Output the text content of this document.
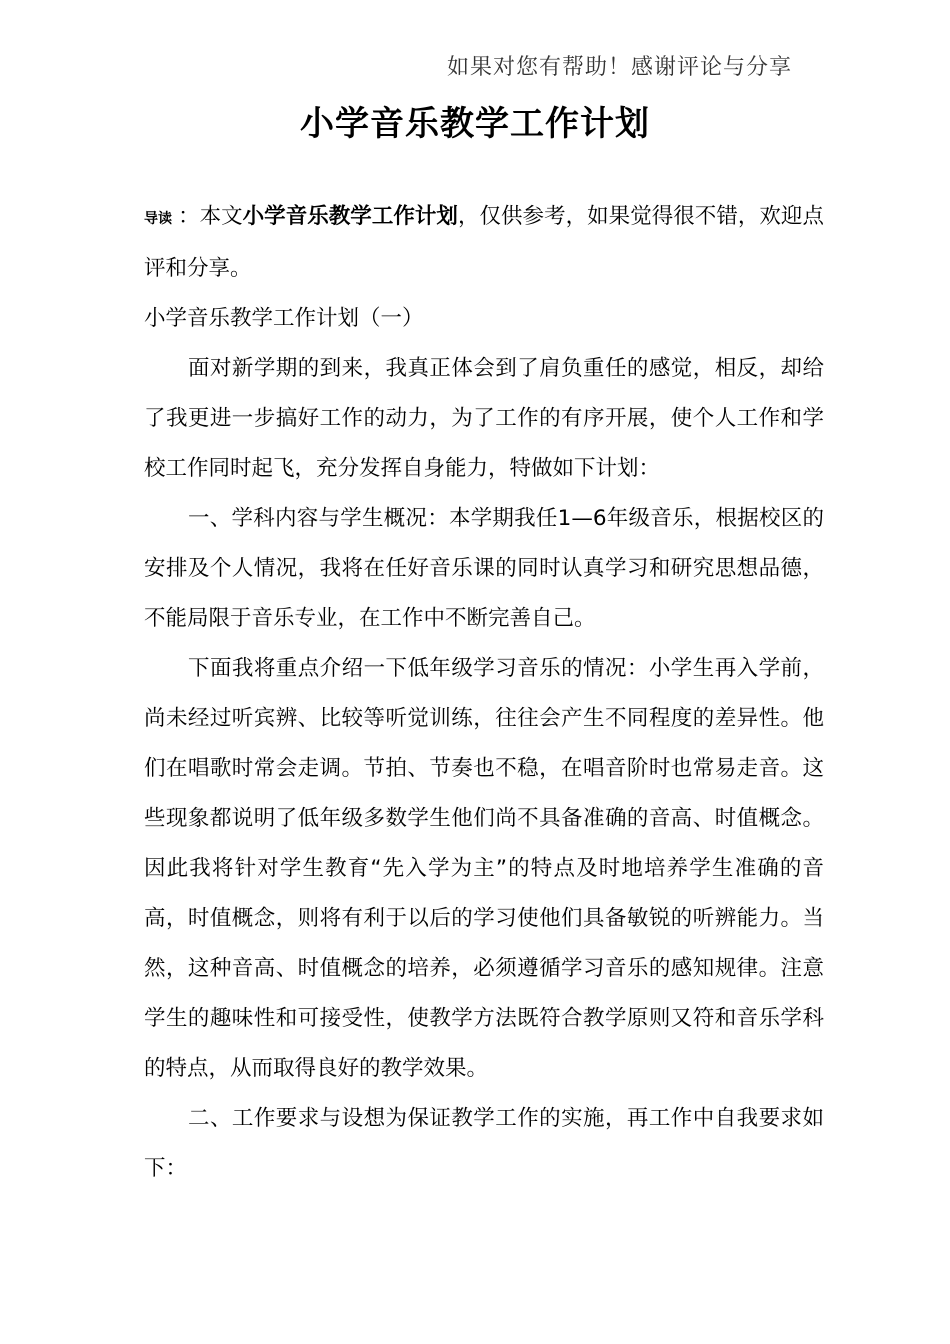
如果对您有帮助！感谢评论与分享
小学音乐教学工作计划

导读 ：本文小学音乐教学工作计划，仅供参考，如果觉得很不错，欢迎点评和分享。

小学音乐教学工作计划（一）

面对新学期的到来，我真正体会到了肩负重任的感觉，相反，却给了我更进一步搞好工作的动力，为了工作的有序开展，使个人工作和学校工作同时起飞，充分发挥自身能力，特做如下计划：

一、学科内容与学生概况：本学期我任1—6年级音乐，根据校区的安排及个人情况，我将在任好音乐课的同时认真学习和研究思想品德，不能局限于音乐专业，在工作中不断完善自己。

下面我将重点介绍一下低年级学习音乐的情况：小学生再入学前，尚未经过听宾辨、比较等听觉训练，往往会产生不同程度的差异性。他们在唱歌时常会走调。节拍、节奏也不稳，在唱音阶时也常易走音。这些现象都说明了低年级多数学生他们尚不具备准确的音高、时值概念。因此我将针对学生教育“先入学为主”的特点及时地培养学生准确的音高，时值概念，则将有利于以后的学习使他们具备敏锐的听辨能力。当然，这种音高、时值概念的培养，必须遵循学习音乐的感知规律。注意学生的趣味性和可接受性，使教学方法既符合教学原则又符和音乐学科的特点，从而取得良好的教学效果。

二、工作要求与设想为保证教学工作的实施，再工作中自我要求如下：
